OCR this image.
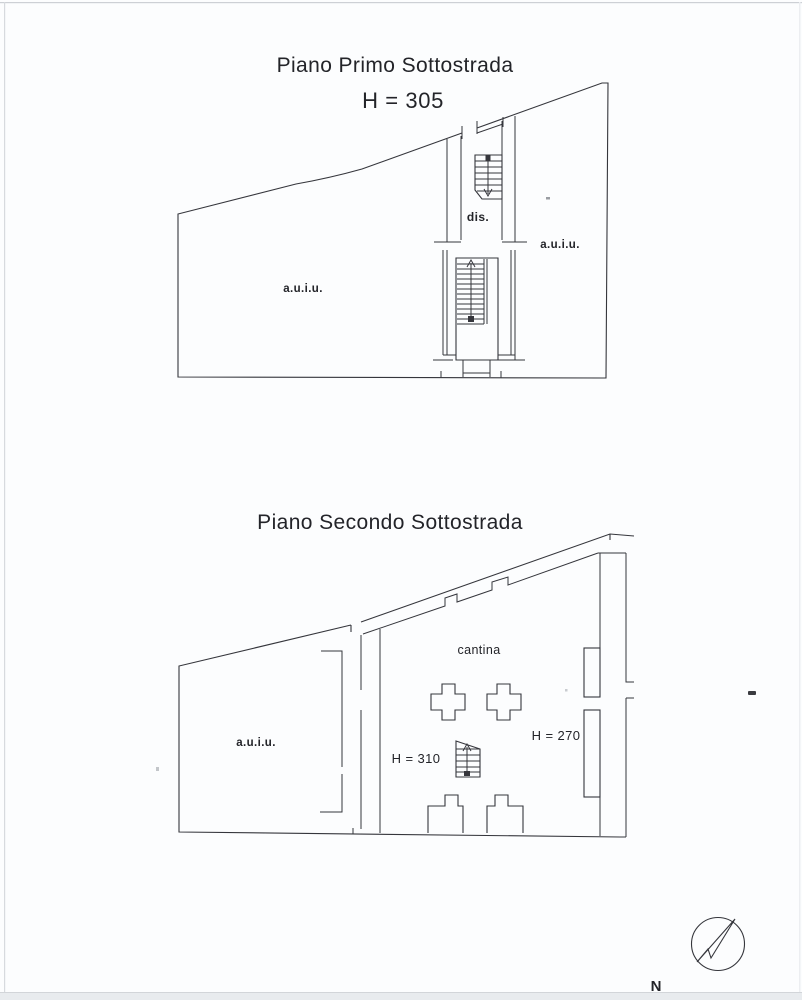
Piano Primo Sottostrada
H = 305
a.u.i.u.
a.u.i.u.
dis.
Piano Secondo Sottostrada
a.u.i.u.
cantina
H = 310
H = 270
N
